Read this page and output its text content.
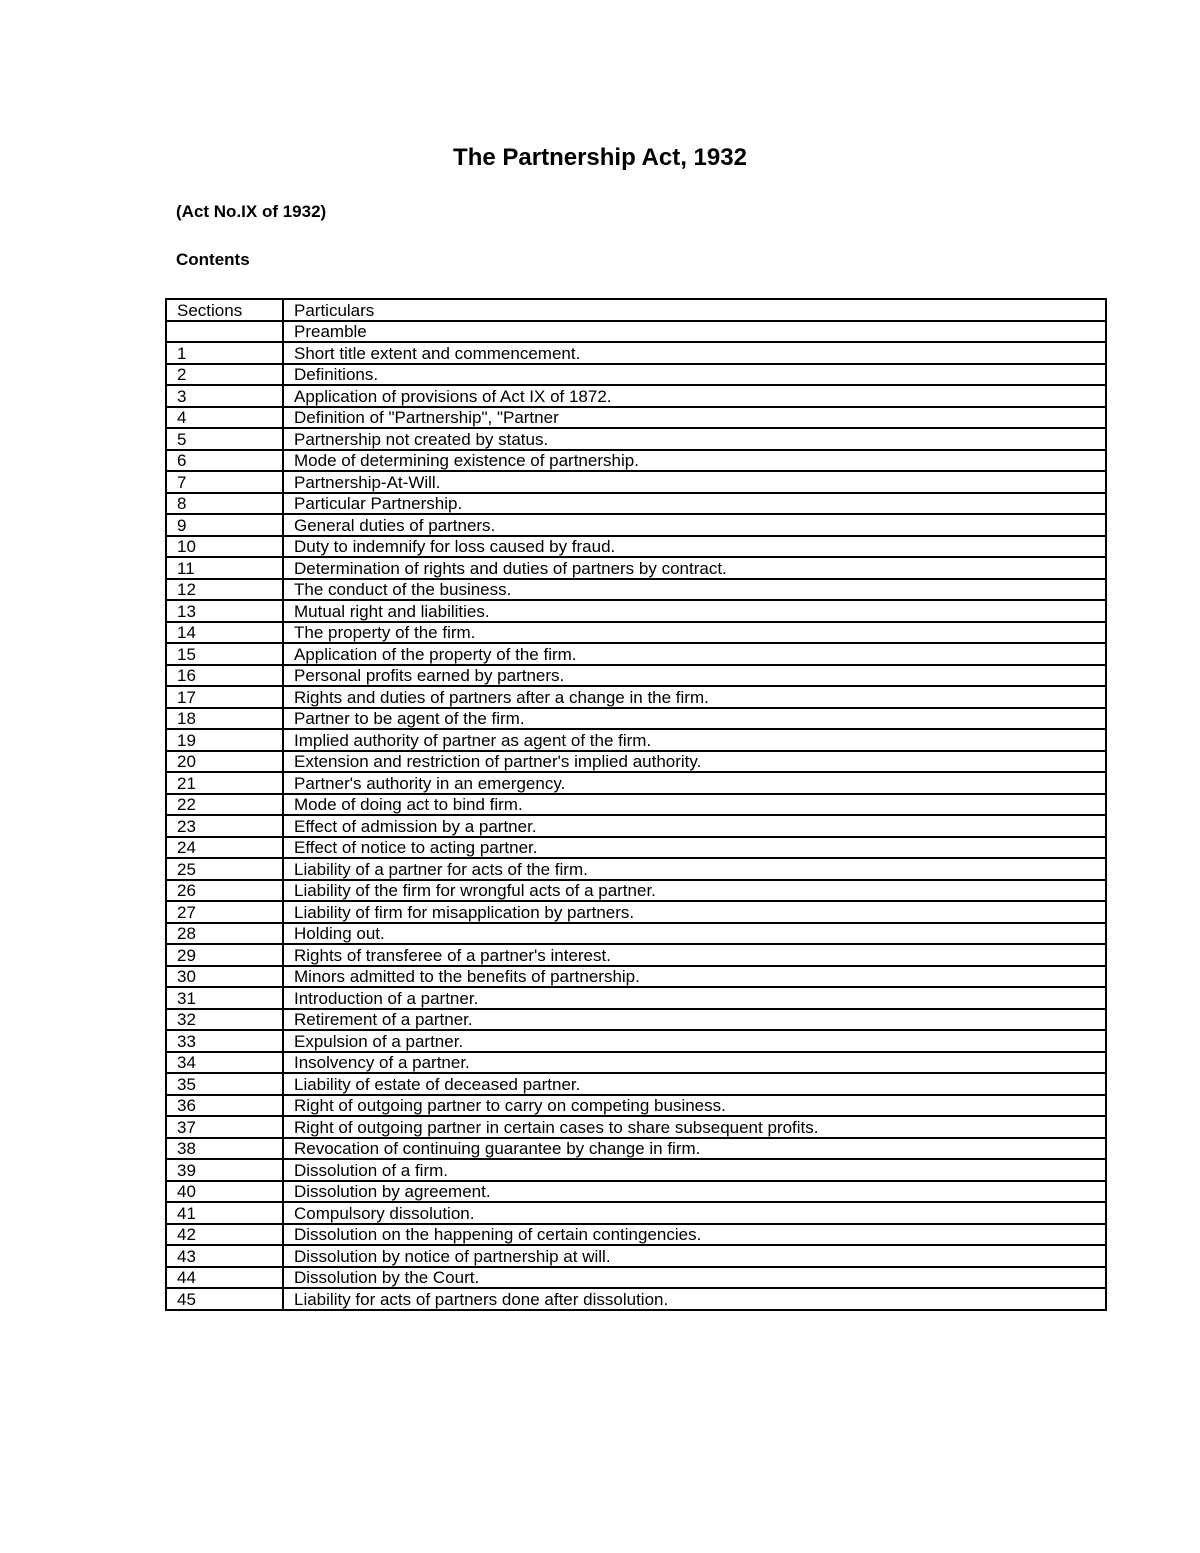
The Partnership Act, 1932
(Act No.IX of 1932)
Contents
Sections	Particulars
	Preamble
1	Short title extent and commencement.
2	Definitions.
3	Application of provisions of Act IX of 1872.
4	Definition of "Partnership", "Partner
5	Partnership not created by status.
6	Mode of determining existence of partnership.
7	Partnership-At-Will.
8	Particular Partnership.
9	General duties of partners.
10	Duty to indemnify for loss caused by fraud.
11	Determination of rights and duties of partners by contract.
12	The conduct of the business.
13	Mutual right and liabilities.
14	The property of the firm.
15	Application of the property of the firm.
16	Personal profits earned by partners.
17	Rights and duties of partners after a change in the firm.
18	Partner to be agent of the firm.
19	Implied authority of partner as agent of the firm.
20	Extension and restriction of partner's implied authority.
21	Partner's authority in an emergency.
22	Mode of doing act to bind firm.
23	Effect of admission by a partner.
24	Effect of notice to acting partner.
25	Liability of a partner for acts of the firm.
26	Liability of the firm for wrongful acts of a partner.
27	Liability of firm for misapplication by partners.
28	Holding out.
29	Rights of transferee of a partner's interest.
30	Minors admitted to the benefits of partnership.
31	Introduction of a partner.
32	Retirement of a partner.
33	Expulsion of a partner.
34	Insolvency of a partner.
35	Liability of estate of deceased partner.
36	Right of outgoing partner to carry on competing business.
37	Right of outgoing partner in certain cases to share subsequent profits.
38	Revocation of continuing guarantee by change in firm.
39	Dissolution of a firm.
40	Dissolution by agreement.
41	Compulsory dissolution.
42	Dissolution on the happening of certain contingencies.
43	Dissolution by notice of partnership at will.
44	Dissolution by the Court.
45	Liability for acts of partners done after dissolution.
